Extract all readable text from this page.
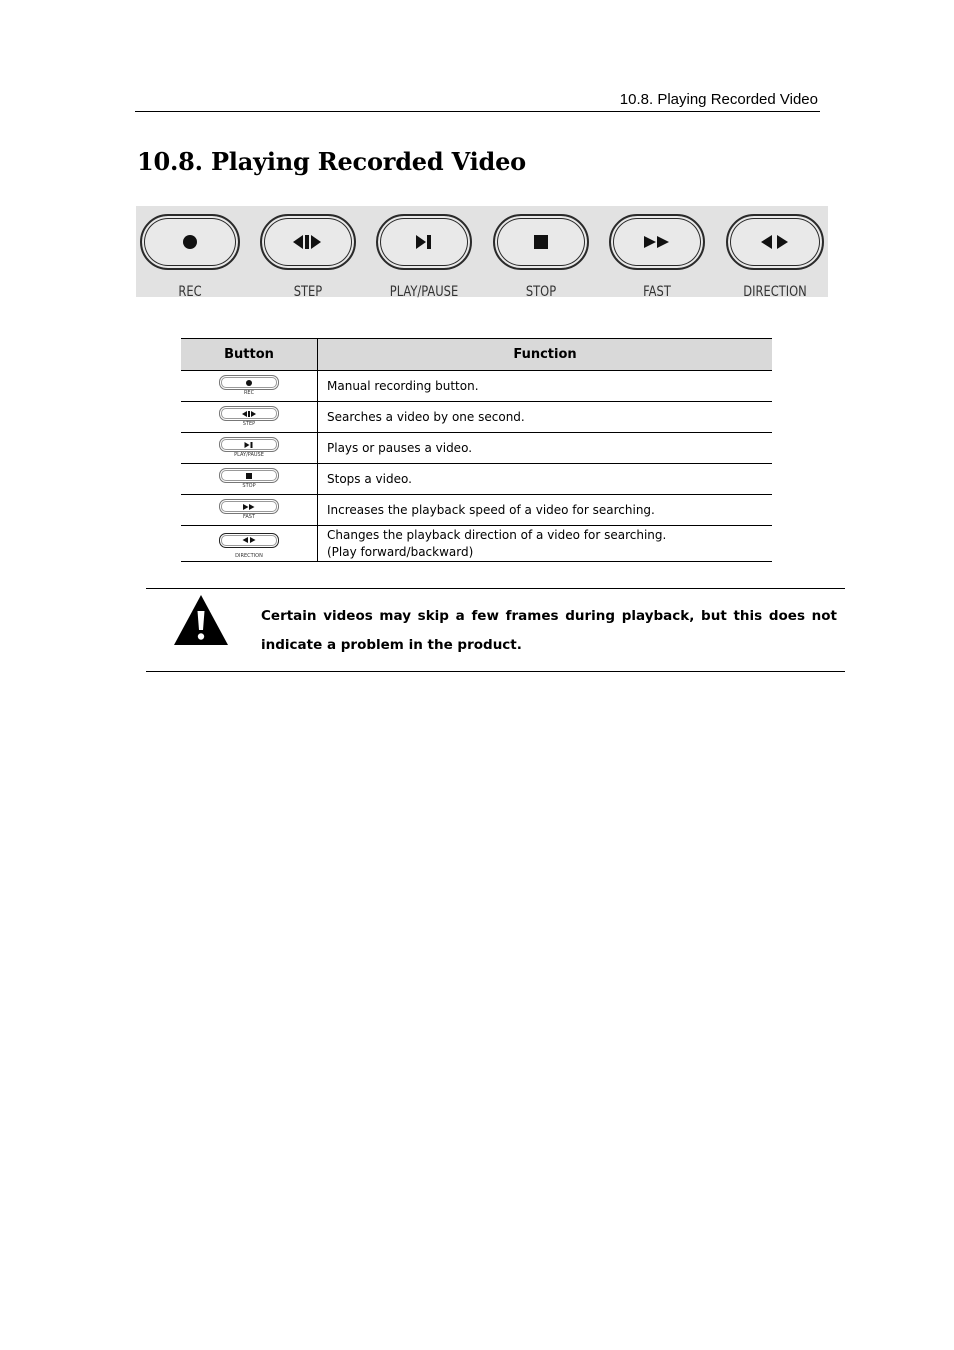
10.8. Playing Recorded Video
10.8. Playing Recorded Video
REC	STEP	PLAY/PAUSE	STOP	FAST	DIRECTION
Button	Function

REC	Manual recording button.

STEP	Searches a video by one second.

PLAY/PAUSE	Plays or pauses a video.

STOP	Stops a video.

FAST	Increases the playback speed of a video for searching.

DIRECTION	Changes the playback direction of a video for searching.
(Play forward/backward)

Certain videos may skip a few frames during playback, but this does not indicate a problem in the product.
